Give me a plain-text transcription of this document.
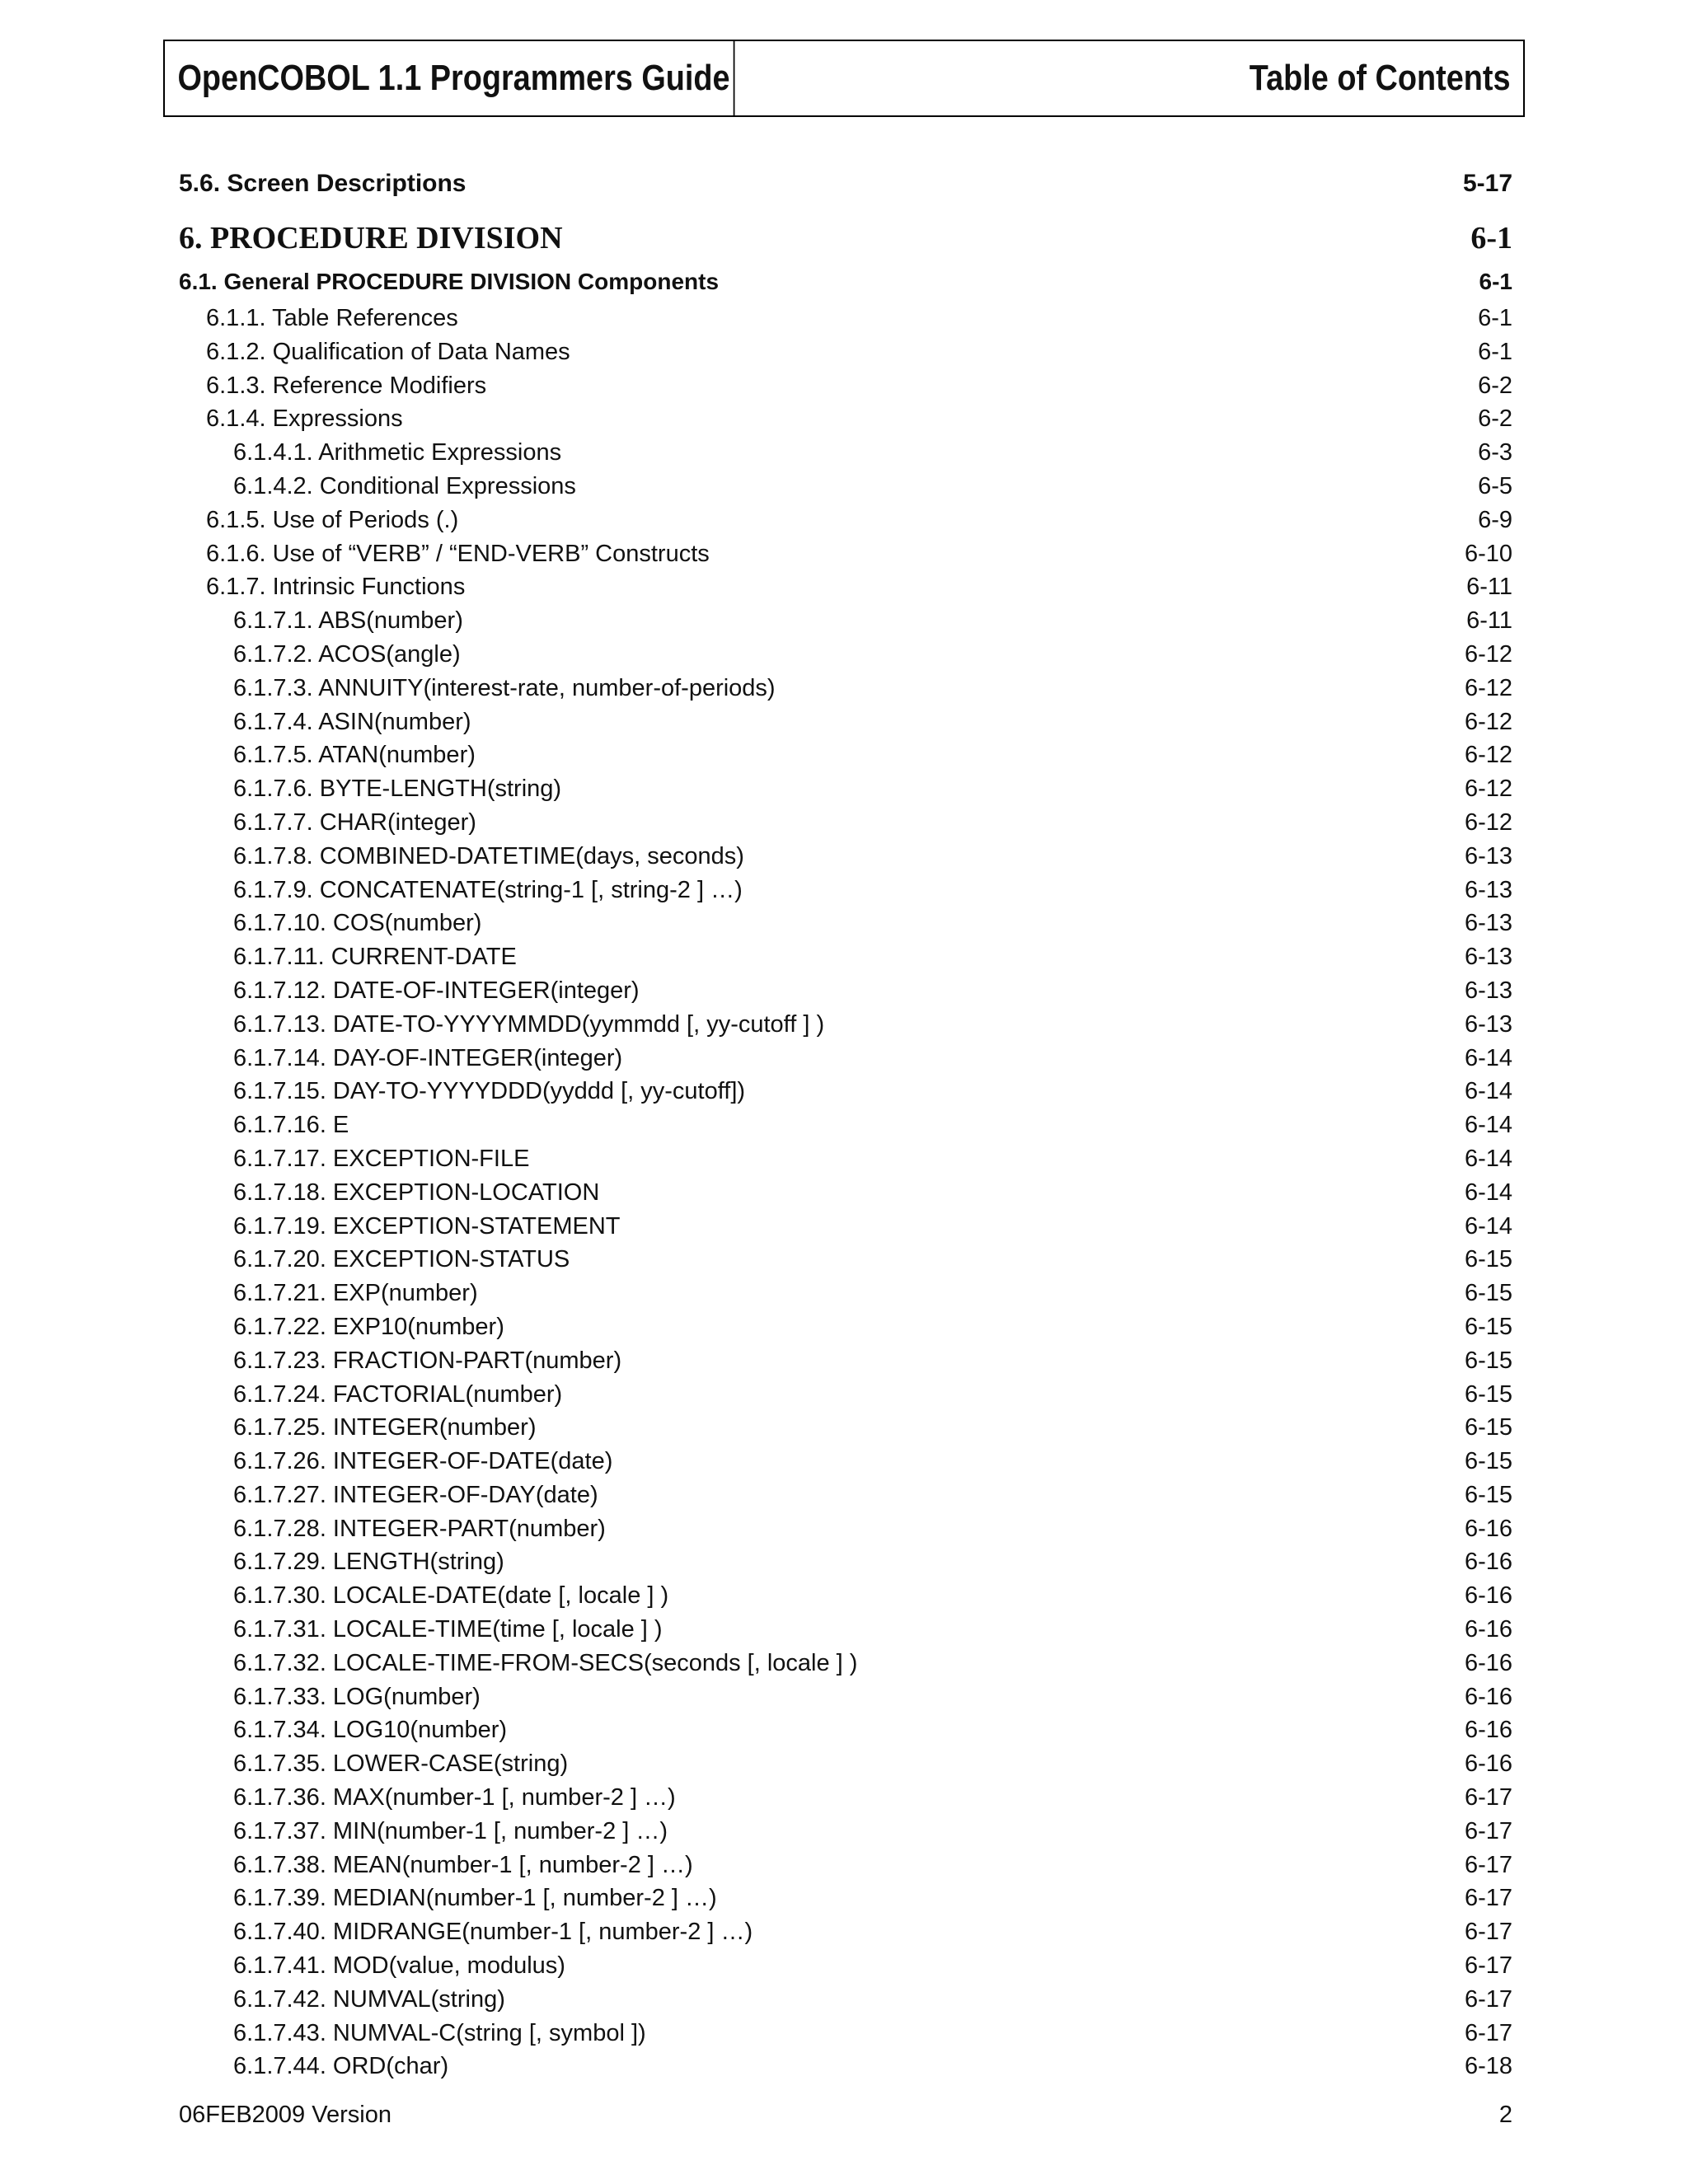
OpenCOBOL 1.1 Programmers Guide	Table of Contents
5.6. Screen Descriptions	5-17
6. PROCEDURE DIVISION	6-1
6.1. General PROCEDURE DIVISION Components	6-1
6.1.1. Table References	6-1
6.1.2. Qualification of Data Names	6-1
6.1.3. Reference Modifiers	6-2
6.1.4. Expressions	6-2
6.1.4.1. Arithmetic Expressions	6-3
6.1.4.2. Conditional Expressions	6-5
6.1.5. Use of Periods (.)	6-9
6.1.6. Use of “VERB” / “END-VERB” Constructs	6-10
6.1.7. Intrinsic Functions	6-11
6.1.7.1. ABS(number)	6-11
6.1.7.2. ACOS(angle)	6-12
6.1.7.3. ANNUITY(interest-rate, number-of-periods)	6-12
6.1.7.4. ASIN(number)	6-12
6.1.7.5. ATAN(number)	6-12
6.1.7.6. BYTE-LENGTH(string)	6-12
6.1.7.7. CHAR(integer)	6-12
6.1.7.8. COMBINED-DATETIME(days, seconds)	6-13
6.1.7.9. CONCATENATE(string-1 [, string-2 ] …)	6-13
6.1.7.10. COS(number)	6-13
6.1.7.11. CURRENT-DATE	6-13
6.1.7.12. DATE-OF-INTEGER(integer)	6-13
6.1.7.13. DATE-TO-YYYYMMDD(yymmdd [, yy-cutoff ] )	6-13
6.1.7.14. DAY-OF-INTEGER(integer)	6-14
6.1.7.15. DAY-TO-YYYYDDD(yyddd [, yy-cutoff])	6-14
6.1.7.16. E	6-14
6.1.7.17. EXCEPTION-FILE	6-14
6.1.7.18. EXCEPTION-LOCATION	6-14
6.1.7.19. EXCEPTION-STATEMENT	6-14
6.1.7.20. EXCEPTION-STATUS	6-15
6.1.7.21. EXP(number)	6-15
6.1.7.22. EXP10(number)	6-15
6.1.7.23. FRACTION-PART(number)	6-15
6.1.7.24. FACTORIAL(number)	6-15
6.1.7.25. INTEGER(number)	6-15
6.1.7.26. INTEGER-OF-DATE(date)	6-15
6.1.7.27. INTEGER-OF-DAY(date)	6-15
6.1.7.28. INTEGER-PART(number)	6-16
6.1.7.29. LENGTH(string)	6-16
6.1.7.30. LOCALE-DATE(date [, locale ] )	6-16
6.1.7.31. LOCALE-TIME(time [, locale ] )	6-16
6.1.7.32. LOCALE-TIME-FROM-SECS(seconds [, locale ] )	6-16
6.1.7.33. LOG(number)	6-16
6.1.7.34. LOG10(number)	6-16
6.1.7.35. LOWER-CASE(string)	6-16
6.1.7.36. MAX(number-1 [, number-2 ] …)	6-17
6.1.7.37. MIN(number-1 [, number-2 ] …)	6-17
6.1.7.38. MEAN(number-1 [, number-2 ] …)	6-17
6.1.7.39. MEDIAN(number-1 [, number-2 ] …)	6-17
6.1.7.40. MIDRANGE(number-1 [, number-2 ] …)	6-17
6.1.7.41. MOD(value, modulus)	6-17
6.1.7.42. NUMVAL(string)	6-17
6.1.7.43. NUMVAL-C(string [, symbol ])	6-17
6.1.7.44. ORD(char)	6-18
06FEB2009 Version	2
